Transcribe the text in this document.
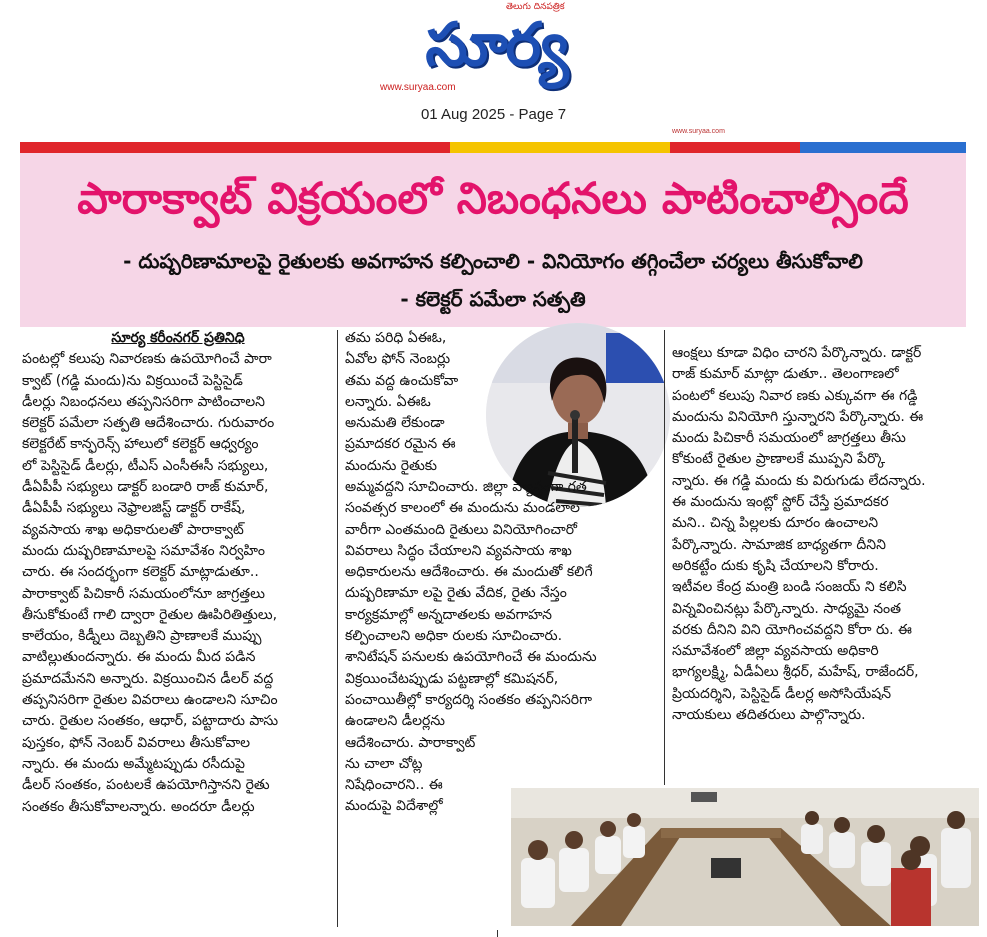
సూర్య
తెలుగు దినపత్రిక
www.suryaa.com
01 Aug 2025 - Page 7
www.suryaa.com
పారాక్వాట్ విక్రయంలో నిబంధనలు పాటించాల్సిందే
- దుష్పరిణామాలపై రైతులకు అవగాహన కల్పించాలి - వినియోగం తగ్గించేలా చర్యలు తీసుకోవాలి
- కలెక్టర్ పమేలా సత్పతి

సూర్య కరీంనగర్ ప్రతినిధి

పంటల్లో కలుపు నివారణకు ఉపయోగించే పారా

క్వాట్ (గడ్డి మందు)ను విక్రయించే పెస్టిసైడ్

డీలర్లు నిబంధనలు తప్పనిసరిగా పాటించాలని

కలెక్టర్ పమేలా సత్పతి ఆదేశించారు. గురువారం

కలెక్టరేట్ కాన్ఫరెన్స్ హాలులో కలెక్టర్ ఆధ్వర్యం

లో పెస్టిసైడ్ డీలర్లు, టీఎస్ ఎంసీఈసీ సభ్యులు,

డీఏపీపీ సభ్యులు డాక్టర్ బండారి రాజ్ కుమార్,

డీఏపీపీ సభ్యులు నెఫ్రాలజిస్ట్ డాక్టర్ రాకేష్,

వ్యవసాయ శాఖ అధికారులతో పారాక్వాట్

మందు దుష్పరిణామాలపై సమావేశం నిర్వహిం

చారు. ఈ సందర్భంగా కలెక్టర్ మాట్లాడుతూ..

పారాక్వాట్ పిచికారీ సమయంలోనూ జాగ్రత్తలు

తీసుకోకుంటే గాలి ద్వారా రైతుల ఊపిరితిత్తులు,

కాలేయం, కిడ్నీలు దెబ్బతిని ప్రాణాలకే ముప్పు

వాటిల్లుతుందన్నారు. ఈ మందు మీద పడిన

ప్రమాదమేనని అన్నారు. విక్రయించిన డీలర్ వద్ద

తప్పనిసరిగా రైతుల వివరాలు ఉండాలని సూచిం

చారు. రైతుల సంతకం, ఆధార్, పట్టాదారు పాసు

పుస్తకం, ఫోన్ నెంబర్ వివరాలు తీసుకోవాల

న్నారు. ఈ మందు అమ్మేటప్పుడు రసీదుపై

డీలర్ సంతకం, పంటలకే ఉపయోగిస్తానని రైతు

సంతకం తీసుకోవాలన్నారు. అందరూ డీలర్లు

తమ పరిధి ఏఈఓ,

ఏవోల ఫోన్ నెంబర్లు

తమ వద్ద ఉంచుకోవా

లన్నారు. ఏఈఓ

అనుమతి లేకుండా

ప్రమాదకర రమైన ఈ

మందును రైతుకు

అమ్మవద్దని సూచించారు. జిల్లా వ్యాప్తంగా గత

సంవత్సర కాలంలో ఈ మందును మండలాల

వారీగా ఎంతమంది రైతులు వినియోగించారో

వివరాలు సిద్ధం చేయాలని వ్యవసాయ శాఖ

అధికారులను ఆదేశించారు. ఈ మందుతో కలిగే

దుష్పరిణామా లపై రైతు వేదిక, రైతు నేస్తం

కార్యక్రమాల్లో అన్నదాతలకు అవగాహన

కల్పించాలని అధికా రులకు సూచించారు.

శానిటేషన్ పనులకు ఉపయోగించే ఈ మందును

విక్రయించేటప్పుడు పట్టణాల్లో కమిషనర్,

పంచాయితీల్లో కార్యదర్శి సంతకం తప్పనిసరిగా

ఉండాలని డీలర్లను

ఆదేశించారు. పారాక్వాట్

ను చాలా చోట్ల

నిషేధించారని.. ఈ

మందుపై విదేశాల్లో

ఆంక్షలు కూడా విధిం చారని పేర్కొన్నారు. డాక్టర్

రాజ్ కుమార్ మాట్లా డుతూ.. తెలంగాణలో

పంటలో కలుపు నివార ణకు ఎక్కువగా ఈ గడ్డి

మందును వినియోగి స్తున్నారని పేర్కొన్నారు. ఈ

మందు పిచికారీ సమయంలో జాగ్రత్తలు తీసు

కోకుంటే రైతుల ప్రాణాలకే ముప్పని పేర్కొ

న్నారు. ఈ గడ్డి మందు కు విరుగుడు లేదన్నారు.

ఈ మందును ఇంట్లో స్టోర్ చేస్తే ప్రమాదకర

మని.. చిన్న పిల్లలకు దూరం ఉంచాలని

పేర్కొన్నారు. సామాజిక బాధ్యతగా దీనిని

అరికట్టేం దుకు కృషి చేయాలని కోరారు.

ఇటీవల కేంద్ర మంత్రి బండి సంజయ్ ని కలిసి

విన్నవించినట్లు పేర్కొన్నారు. సాధ్యమై నంత

వరకు దీనిని విని యోగించవద్దని కోరా రు. ఈ

సమావేశంలో జిల్లా వ్యవసాయ అధికారి

భాగ్యలక్ష్మి, ఏడీఏలు శ్రీధర్, మహేష్, రాజేందర్,

ప్రియదర్శిని, పెస్టిసైడ్ డీలర్ల అసోసియేషన్

నాయకులు తదితరులు పాల్గొన్నారు.
